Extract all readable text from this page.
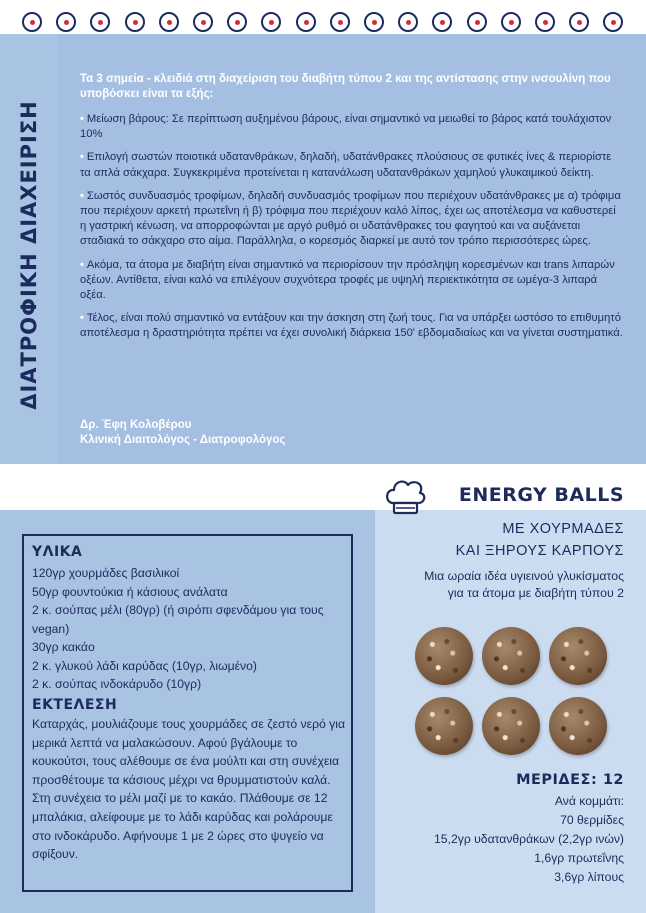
ΔΙΑΤΡΟΦΙΚΗ ΔΙΑΧΕΙΡΙΣΗ
Τα 3 σημεία - κλειδιά στη διαχείριση του διαβήτη τύπου 2 και της αντίστασης στην ινσουλίνη που υποβόσκει είναι τα εξής:

• Μείωση βάρους: Σε περίπτωση αυξημένου βάρους, είναι σημαντικό να μειωθεί το βάρος κατά τουλάχιστον 10%

• Επιλογή σωστών ποιοτικά υδατανθράκων, δηλαδή, υδατάνθρακες πλούσιους σε φυτικές ίνες & περιορίστε τα απλά σάκχαρα. Συγκεκριμένα προτείνεται η κατανάλωση υδατανθράκων χαμηλού γλυκαιμικού δείκτη.

• Σωστός συνδυασμός τροφίμων, δηλαδή συνδυασμός τροφίμων που περιέχουν υδατάνθρακες με α) τρόφιμα που περιέχουν αρκετή πρωτεΐνη ή β) τρόφιμα που περιέχουν καλό λίπος, έχει ως αποτέλεσμα να καθυστερεί η γαστρική κένωση, να απορροφώνται με αργό ρυθμό οι υδατάνθρακες του φαγητού και να αυξάνεται σταδιακά το σάκχαρο στο αίμα. Παράλληλα, ο κορεσμός διαρκεί με αυτό τον τρόπο περισσότερες ώρες.

• Ακόμα, τα άτομα με διαβήτη είναι σημαντικό να περιορίσουν την πρόσληψη κορεσμένων και trans λιπαρών οξέων. Αντίθετα, είναι καλό να επιλέγουν συχνότερα τροφές με υψηλή περιεκτικότητα σε ωμέγα-3 λιπαρά οξέα.

• Τέλος, είναι πολύ σημαντικό να εντάξουν και την άσκηση στη ζωή τους. Για να υπάρξει ωστόσο το επιθυμητό αποτέλεσμα η δραστηριότητα πρέπει να έχει συνολική διάρκεια 150' εβδομαδιαίως και να γίνεται συστηματικά.

Δρ. Έφη Κολοβέρου
Κλινική Διαιτολόγος - Διατροφολόγος
ENERGY BALLS
ΜΕ ΧΟΥΡΜΑΔΕΣ
ΚΑΙ ΞΗΡΟΥΣ ΚΑΡΠΟΥΣ
Μια ωραία ιδέα υγιεινού γλυκίσματος
για τα άτομα με διαβήτη τύπου 2
ΥΛΙΚΑ
120γρ χουρμάδες βασιλικοί
50γρ φουντούκια ή κάσιους ανάλατα
2 κ. σούπας μέλι (80γρ) (ή σιρόπι σφενδάμου για τους vegan)
30γρ κακάο
2 κ. γλυκού λάδι καρύδας (10γρ, λιωμένο)
2 κ. σούπας ινδοκάρυδο (10γρ)
ΕΚΤΕΛΕΣΗ
Καταρχάς, μουλιάζουμε τους χουρμάδες σε ζεστό νερό για μερικά λεπτά να μαλακώσουν. Αφού βγάλουμε το κουκούτσι, τους αλέθουμε σε ένα μούλτι και στη συνέχεια προσθέτουμε τα κάσιους μέχρι να θρυμματιστούν καλά. Στη συνέχεια το μέλι μαζί με το κακάο. Πλάθουμε σε 12 μπαλάκια, αλείφουμε με το λάδι καρύδας και ρολάρουμε στο ινδοκάρυδο. Αφήνουμε 1 με 2 ώρες στο ψυγείο να σφίξουν.
ΜΕΡΙΔΕΣ: 12
Ανά κομμάτι:
70 θερμίδες
15,2γρ υδατανθράκων (2,2γρ ινών)
1,6γρ πρωτεΐνης
3,6γρ λίπους
